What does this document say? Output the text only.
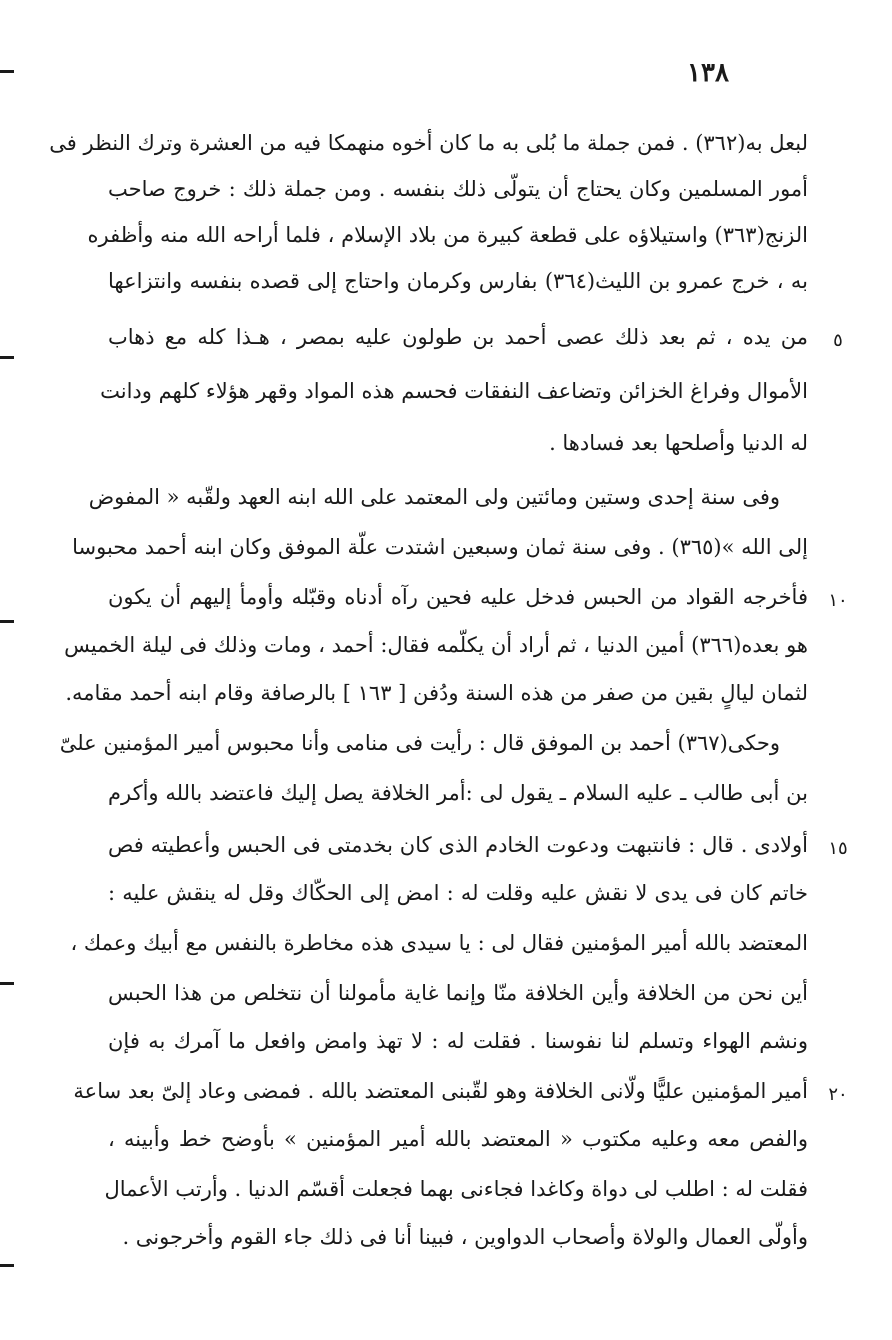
١٣٨
لبعل به(٣٦٢) . فمن جملة ما بُلى به ما كان أخوه منهمكا فيه من العشرة وترك النظر فى
أمور المسلمين وكان يحتاج أن يتولّى ذلك بنفسه . ومن جملة ذلك : خروج صاحب
الزنج(٣٦٣) واستيلاؤه على قطعة كبيرة من بلاد الإسلام ، فلما أراحه الله منه وأظفره
به ، خرج عمرو بن الليث(٣٦٤) بفارس وكرمان واحتاج إلى قصده بنفسه وانتزاعها
من يده ، ثم بعد ذلك عصى أحمد بن طولون عليه بمصر ، هـذا كله مع ذهاب
الأموال وفراغ الخزائن وتضاعف النفقات فحسم هذه المواد وقهر هؤلاء كلهم ودانت
له الدنيا وأصلحها بعد فسادها .
وفى سنة إحدى وستين ومائتين ولى المعتمد على الله ابنه العهد ولقّبه « المفوض
إلى الله »(٣٦٥) . وفى سنة ثمان وسبعين اشتدت علّة الموفق وكان ابنه أحمد محبوسا
فأخرجه القواد من الحبس فدخل عليه فحين رآه أدناه وقبّله وأومأ إليهم أن يكون
هو بعده(٣٦٦) أمين الدنيا ، ثم أراد أن يكلّمه فقال: أحمد ، ومات وذلك فى ليلة الخميس
لثمان ليالٍ بقين من صفر من هذه السنة ودُفن [ ١٦٣ ] بالرصافة وقام ابنه أحمد مقامه.
وحكى(٣٦٧) أحمد بن الموفق قال : رأيت فى منامى وأنا محبوس أمير المؤمنين علىّ
بن أبى طالب ـ عليه السلام ـ يقول لى :أمر الخلافة يصل إليك فاعتضد بالله وأكرم
أولادى . قال : فانتبهت ودعوت الخادم الذى كان بخدمتى فى الحبس وأعطيته فص
خاتم كان فى يدى لا نقش عليه وقلت له : امض إلى الحكّاك وقل له ينقش عليه :
المعتضد بالله أمير المؤمنين فقال لى : يا سيدى هذه مخاطرة بالنفس مع أبيك وعمك ،
أين نحن من الخلافة وأين الخلافة منّا وإنما غاية مأمولنا أن نتخلص من هذا الحبس
ونشم الهواء وتسلم لنا نفوسنا . فقلت له : لا تهذ وامض وافعل ما آمرك به فإن
أمير المؤمنين عليًّا ولّانى الخلافة وهو لقّبنى المعتضد بالله . فمضى وعاد إلىّ بعد ساعة
والفص معه وعليه مكتوب « المعتضد بالله أمير المؤمنين » بأوضح خط وأبينه ،
فقلت له : اطلب لى دواة وكاغدا فجاءنى بهما فجعلت أقسّم الدنيا . وأرتب الأعمال
وأولّى العمال والولاة وأصحاب الدواوين ، فبينا أنا فى ذلك جاء القوم وأخرجونى .
٥
١٠
١٥
٢٠
